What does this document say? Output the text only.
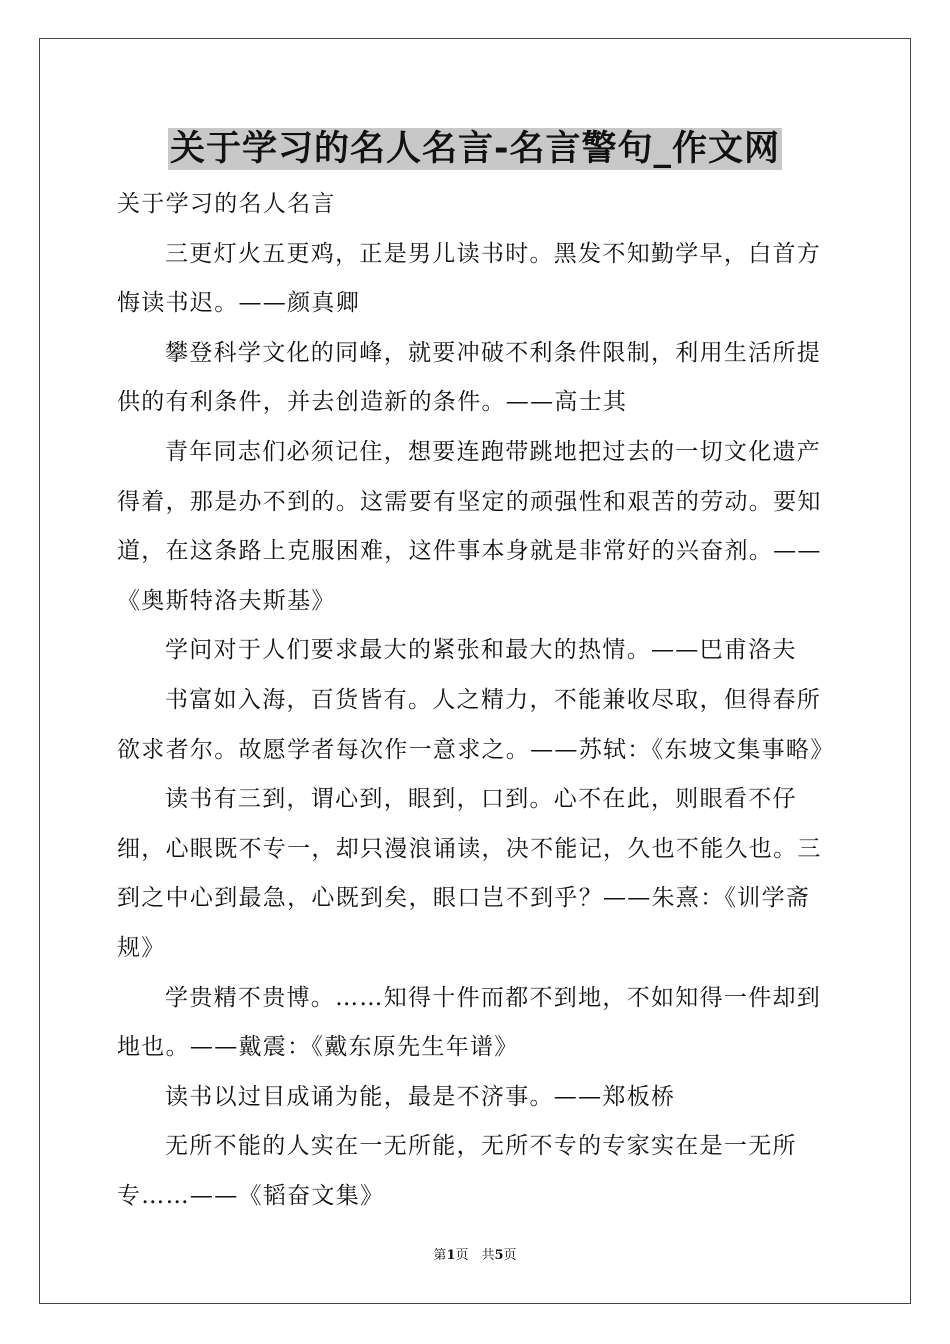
关于学习的名人名言-名言警句_作文网

关于学习的名人名言

三更灯火五更鸡，正是男儿读书时。黑发不知勤学早，白首方悔读书迟。——颜真卿

攀登科学文化的同峰，就要冲破不利条件限制，利用生活所提供的有利条件，并去创造新的条件。——高士其

青年同志们必须记住，想要连跑带跳地把过去的一切文化遗产得着，那是办不到的。这需要有坚定的顽强性和艰苦的劳动。要知道，在这条路上克服困难，这件事本身就是非常好的兴奋剂。——《奥斯特洛夫斯基》

学问对于人们要求最大的紧张和最大的热情。——巴甫洛夫

书富如入海，百货皆有。人之精力，不能兼收尽取，但得春所欲求者尔。故愿学者每次作一意求之。——苏轼：《东坡文集事略》

读书有三到，谓心到，眼到，口到。心不在此，则眼看不仔细，心眼既不专一，却只漫浪诵读，决不能记，久也不能久也。三到之中心到最急，心既到矣，眼口岂不到乎？——朱熹：《训学斋规》

学贵精不贵博。……知得十件而都不到地，不如知得一件却到地也。——戴震：《戴东原先生年谱》

读书以过目成诵为能，最是不济事。——郑板桥

无所不能的人实在一无所能，无所不专的专家实在是一无所专……——《韬奋文集》

第1页　共5页
